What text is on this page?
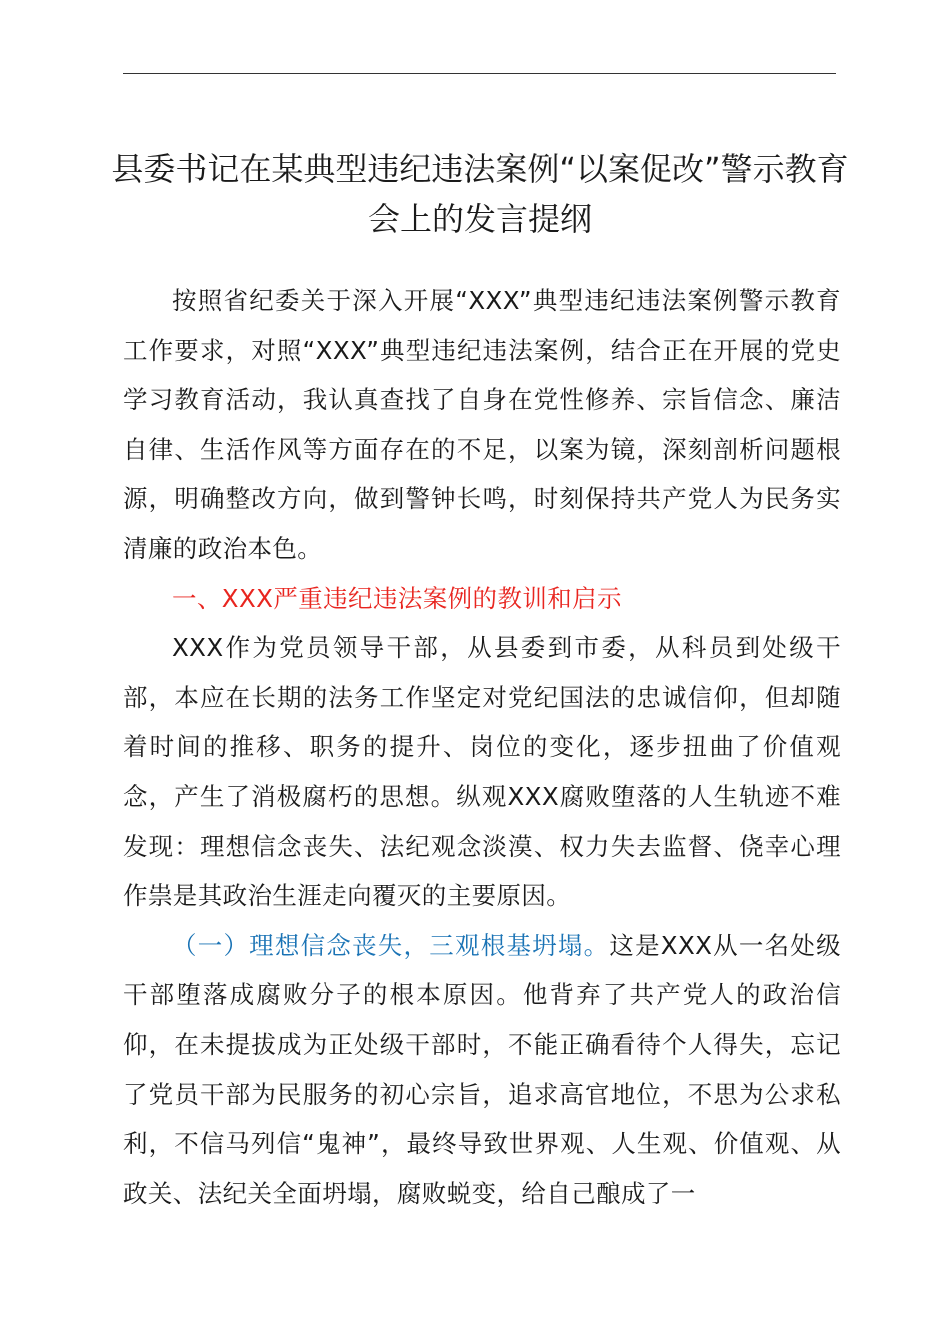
县委书记在某典型违纪违法案例“以案促改”警示教育会上的发言提纲

按照省纪委关于深入开展“XXX”典型违纪违法案例警示教育工作要求，对照“XXX”典型违纪违法案例，结合正在开展的党史学习教育活动，我认真查找了自身在党性修养、宗旨信念、廉洁自律、生活作风等方面存在的不足，以案为镜，深刻剖析问题根源，明确整改方向，做到警钟长鸣，时刻保持共产党人为民务实清廉的政治本色。

一、XXX严重违纪违法案例的教训和启示

XXX作为党员领导干部，从县委到市委，从科员到处级干部，本应在长期的法务工作坚定对党纪国法的忠诚信仰，但却随着时间的推移、职务的提升、岗位的变化，逐步扭曲了价值观念，产生了消极腐朽的思想。纵观XXX腐败堕落的人生轨迹不难发现：理想信念丧失、法纪观念淡漠、权力失去监督、侥幸心理作祟是其政治生涯走向覆灭的主要原因。

（一）理想信念丧失，三观根基坍塌。这是XXX从一名处级干部堕落成腐败分子的根本原因。他背弃了共产党人的政治信仰，在未提拔成为正处级干部时，不能正确看待个人得失，忘记了党员干部为民服务的初心宗旨，追求高官地位，不思为公求私利，不信马列信“鬼神”，最终导致世界观、人生观、价值观、从政关、法纪关全面坍塌，腐败蜕变，给自己酿成了一
